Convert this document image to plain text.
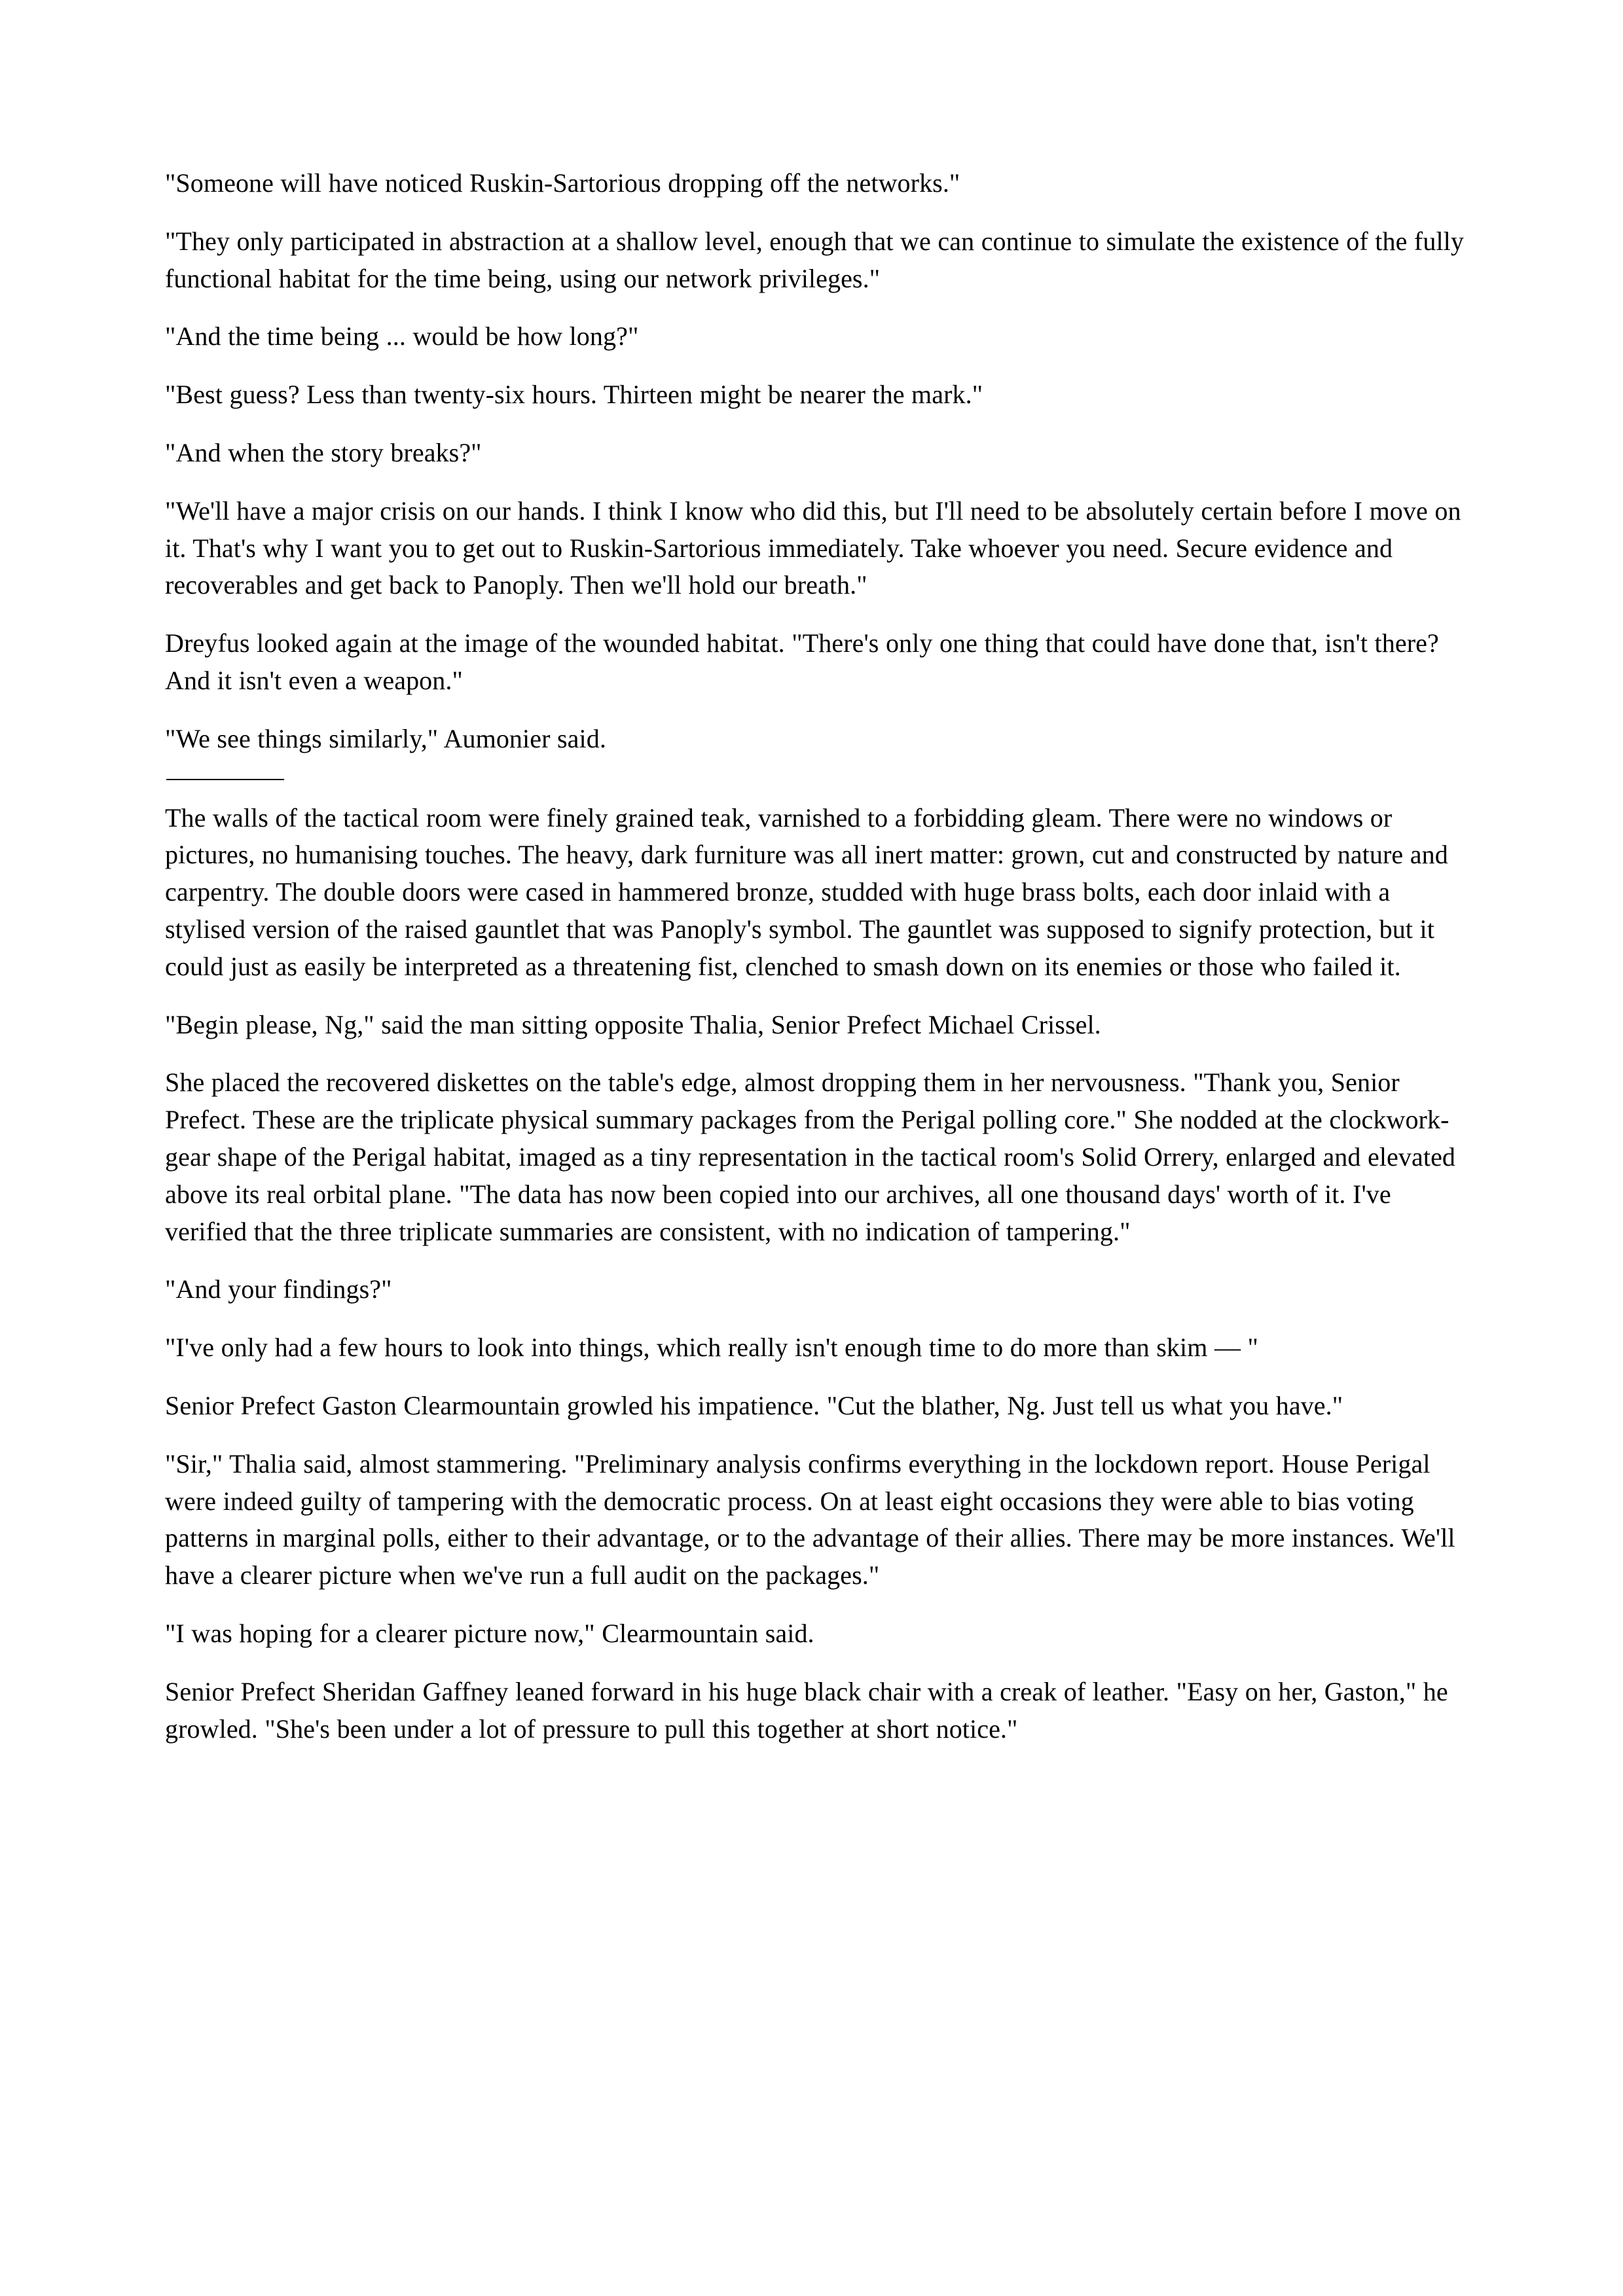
"Someone will have noticed Ruskin-Sartorious dropping off the networks."

"They only participated in abstraction at a shallow level, enough that we can continue to simulate the existence of the fully functional habitat for the time being, using our network privileges."

"And the time being ... would be how long?"

"Best guess? Less than twenty-six hours. Thirteen might be nearer the mark."

"And when the story breaks?"

"We'll have a major crisis on our hands. I think I know who did this, but I'll need to be absolutely certain before I move on it. That's why I want you to get out to Ruskin-Sartorious immediately. Take whoever you need. Secure evidence and recoverables and get back to Panoply. Then we'll hold our breath."

Dreyfus looked again at the image of the wounded habitat. "There's only one thing that could have done that, isn't there? And it isn't even a weapon."

"We see things similarly," Aumonier said.

The walls of the tactical room were finely grained teak, varnished to a forbidding gleam. There were no windows or pictures, no humanising touches. The heavy, dark furniture was all inert matter: grown, cut and constructed by nature and carpentry. The double doors were cased in hammered bronze, studded with huge brass bolts, each door inlaid with a stylised version of the raised gauntlet that was Panoply's symbol. The gauntlet was supposed to signify protection, but it could just as easily be interpreted as a threatening fist, clenched to smash down on its enemies or those who failed it.

"Begin please, Ng," said the man sitting opposite Thalia, Senior Prefect Michael Crissel.

She placed the recovered diskettes on the table's edge, almost dropping them in her nervousness. "Thank you, Senior Prefect. These are the triplicate physical summary packages from the Perigal polling core." She nodded at the clockwork-gear shape of the Perigal habitat, imaged as a tiny representation in the tactical room's Solid Orrery, enlarged and elevated above its real orbital plane. "The data has now been copied into our archives, all one thousand days' worth of it. I've verified that the three triplicate summaries are consistent, with no indication of tampering."

"And your findings?"

"I've only had a few hours to look into things, which really isn't enough time to do more than skim — "

Senior Prefect Gaston Clearmountain growled his impatience. "Cut the blather, Ng. Just tell us what you have."

"Sir," Thalia said, almost stammering. "Preliminary analysis confirms everything in the lockdown report. House Perigal were indeed guilty of tampering with the democratic process. On at least eight occasions they were able to bias voting patterns in marginal polls, either to their advantage, or to the advantage of their allies. There may be more instances. We'll have a clearer picture when we've run a full audit on the packages."

"I was hoping for a clearer picture now," Clearmountain said.

Senior Prefect Sheridan Gaffney leaned forward in his huge black chair with a creak of leather. "Easy on her, Gaston," he growled. "She's been under a lot of pressure to pull this together at short notice."
